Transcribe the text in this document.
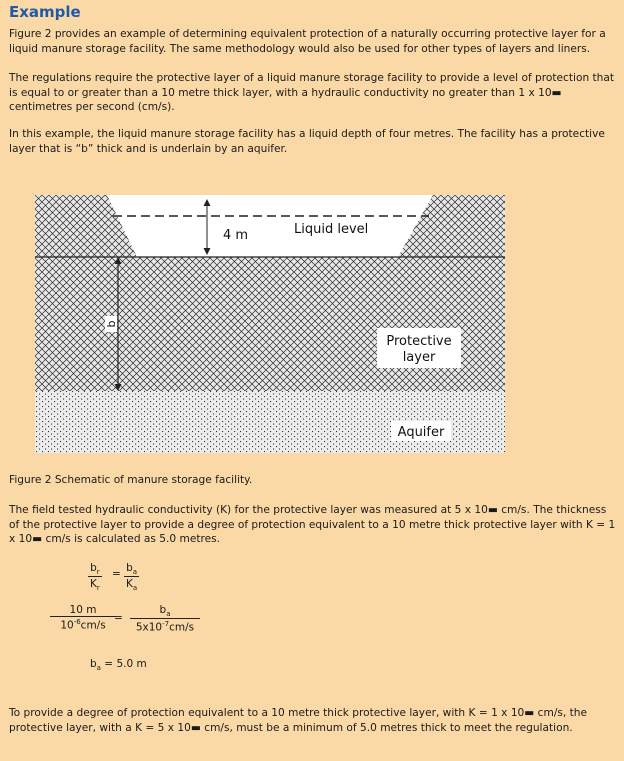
Example

Figure 2 provides an example of determining equivalent protection of a naturally occurring protective layer for a liquid manure storage facility. The same methodology would also be used for other types of layers and liners.

The regulations require the protective layer of a liquid manure storage facility to provide a level of protection that is equal to or greater than a 10 metre thick layer, with a hydraulic conductivity no greater than 1 x 10▬ centimetres per second (cm/s).

In this example, the liquid manure storage facility has a liquid depth of four metres. The facility has a protective layer that is “b” thick and is underlain by an aquifer.

4 m	Liquid level
b
Protective
layer
Aquifer

Figure 2 Schematic of manure storage facility.

The field tested hydraulic conductivity (K) for the protective layer was measured at 5 x 10▬ cm/s. The thickness of the protective layer to provide a degree of protection equivalent to a 10 metre thick protective layer with K = 1 x 10▬ cm/s is calculated as 5.0 metres.

$\frac{b_r}{K_r} = \frac{b_a}{K_a}$
$\frac{10 m}{10^{-6}cm/s}$
= $\frac{b_a}{5x10^{-7}cm/s}$
$b_a = 5.0$ m

To provide a degree of protection equivalent to a 10 metre thick protective layer, with K = 1 x 10▬ cm/s, the protective layer, with a K = 5 x 10▬ cm/s, must be a minimum of 5.0 metres thick to meet the regulation.
